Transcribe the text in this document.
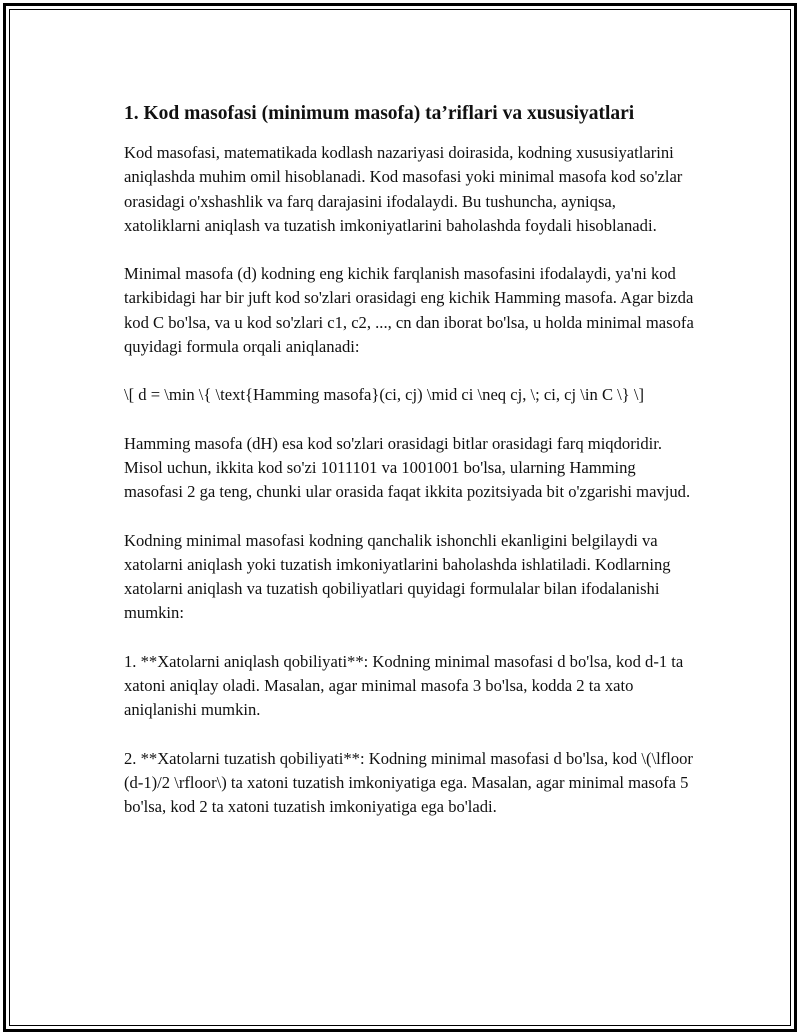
1. Kod masofasi (minimum masofa) ta’riflari va xususiyatlari

Kod masofasi, matematikada kodlash nazariyasi doirasida, kodning xususiyatlarini aniqlashda muhim omil hisoblanadi. Kod masofasi yoki minimal masofa kod so'zlar orasidagi o'xshashlik va farq darajasini ifodalaydi. Bu tushuncha, ayniqsa, xatoliklarni aniqlash va tuzatish imkoniyatlarini baholashda foydali hisoblanadi.

Minimal masofa (d) kodning eng kichik farqlanish masofasini ifodalaydi, ya'ni kod tarkibidagi har bir juft kod so'zlari orasidagi eng kichik Hamming masofa. Agar bizda kod C bo'lsa, va u kod so'zlari c1, c2, ..., cn dan iborat bo'lsa, u holda minimal masofa quyidagi formula orqali aniqlanadi:

\[ d = \min \{ \text{Hamming masofa}(ci, cj) \mid ci \neq cj, \; ci, cj \in C \} \]

Hamming masofa (dH) esa kod so'zlari orasidagi bitlar orasidagi farq miqdoridir. Misol uchun, ikkita kod so'zi 1011101 va 1001001 bo'lsa, ularning Hamming masofasi 2 ga teng, chunki ular orasida faqat ikkita pozitsiyada bit o'zgarishi mavjud.

Kodning minimal masofasi kodning qanchalik ishonchli ekanligini belgilaydi va xatolarni aniqlash yoki tuzatish imkoniyatlarini baholashda ishlatiladi. Kodlarning xatolarni aniqlash va tuzatish qobiliyatlari quyidagi formulalar bilan ifodalanishi mumkin:

1. **Xatolarni aniqlash qobiliyati**: Kodning minimal masofasi d bo'lsa, kod d-1 ta xatoni aniqlay oladi. Masalan, agar minimal masofa 3 bo'lsa, kodda 2 ta xato aniqlanishi mumkin.

2. **Xatolarni tuzatish qobiliyati**: Kodning minimal masofasi d bo'lsa, kod \(\lfloor (d-1)/2 \rfloor\) ta xatoni tuzatish imkoniyatiga ega. Masalan, agar minimal masofa 5 bo'lsa, kod 2 ta xatoni tuzatish imkoniyatiga ega bo'ladi.
